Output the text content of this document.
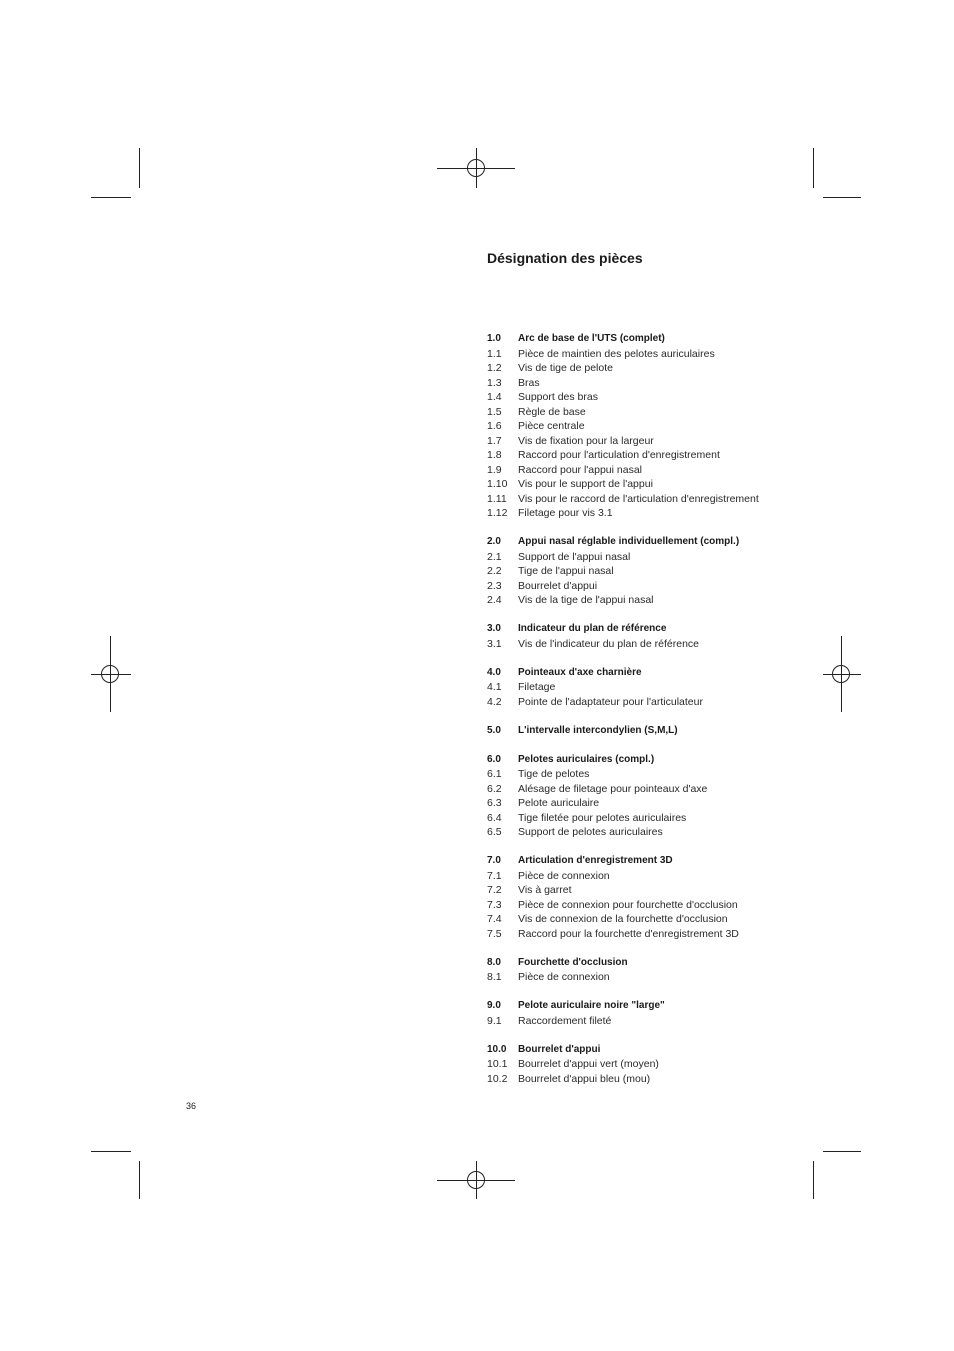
Désignation des pièces
1.0	Arc de base de l'UTS (complet)
1.1	Pièce de maintien des pelotes auriculaires
1.2	Vis de tige de pelote
1.3	Bras
1.4	Support des bras
1.5	Règle de base
1.6	Pièce centrale
1.7	Vis de fixation pour la largeur
1.8	Raccord pour l'articulation d'enregistrement
1.9	Raccord pour l'appui nasal
1.10	Vis pour le support de l'appui
1.11	Vis pour le raccord de l'articulation d'enregistrement
1.12	Filetage pour vis 3.1
2.0	Appui nasal réglable individuellement (compl.)
2.1	Support de l'appui nasal
2.2	Tige de l'appui nasal
2.3	Bourrelet d'appui
2.4	Vis de la tige de l'appui nasal
3.0	Indicateur du plan de référence
3.1	Vis de l'indicateur du plan de référence
4.0	Pointeaux d'axe charnière
4.1	Filetage
4.2	Pointe de l'adaptateur pour l'articulateur
5.0	L'intervalle intercondylien (S,M,L)
6.0	Pelotes auriculaires (compl.)
6.1	Tige de pelotes
6.2	Alésage de filetage pour pointeaux d'axe
6.3	Pelote auriculaire
6.4	Tige filetée pour pelotes auriculaires
6.5	Support de pelotes auriculaires
7.0	Articulation d'enregistrement 3D
7.1	Pièce de connexion
7.2	Vis à garret
7.3	Pièce de connexion pour fourchette d'occlusion
7.4	Vis de connexion de la fourchette d'occlusion
7.5	Raccord pour la fourchette d'enregistrement 3D
8.0	Fourchette d'occlusion
8.1	Pièce de connexion
9.0	Pelote auriculaire noire "large"
9.1	Raccordement fileté
10.0	Bourrelet d'appui
10.1	Bourrelet d'appui vert (moyen)
10.2	Bourrelet d'appui bleu (mou)
36
